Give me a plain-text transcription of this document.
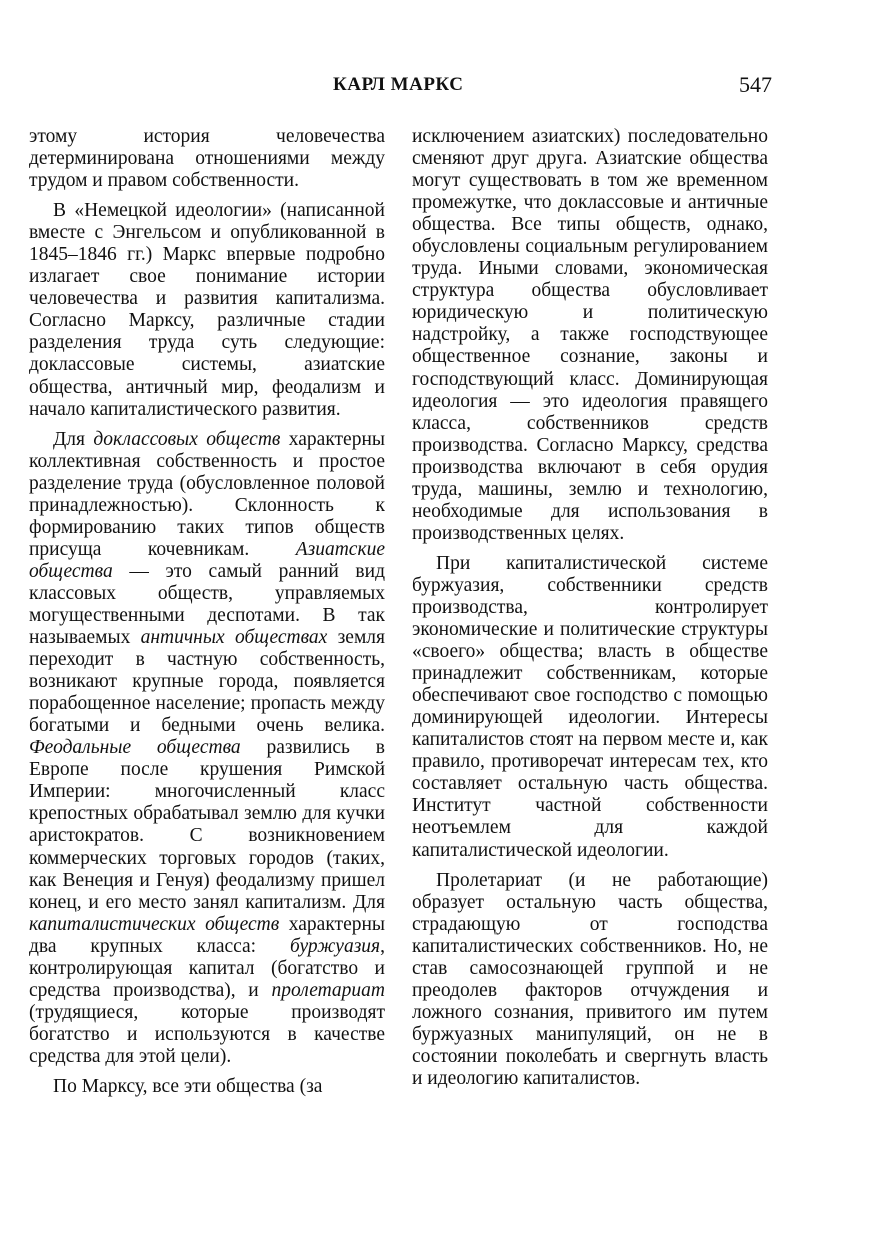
КАРЛ МАРКС	547

этому история человечества детерминирована отношениями между трудом и правом собственности.

В «Немецкой идеологии» (написанной вместе с Энгельсом и опубликованной в 1845–1846 гг.) Маркс впервые подробно излагает свое понимание истории человечества и развития капитализма. Согласно Марксу, различные стадии разделения труда суть следующие: доклассовые системы, азиатские общества, античный мир, феодализм и начало капиталистического развития.

Для доклассовых обществ характерны коллективная собственность и простое разделение труда (обусловленное половой принадлежностью). Склонность к формированию таких типов обществ присуща кочевникам. Азиатские общества — это самый ранний вид классовых обществ, управляемых могущественными деспотами. В так называемых античных обществах земля переходит в частную собственность, возникают крупные города, появляется порабощенное население; пропасть между богатыми и бедными очень велика. Феодальные общества развились в Европе после крушения Римской Империи: многочисленный класс крепостных обрабатывал землю для кучки аристократов. С возникновением коммерческих торговых городов (таких, как Венеция и Генуя) феодализму пришел конец, и его место занял капитализм. Для капиталистических обществ характерны два крупных класса: буржуазия, контролирующая капитал (богатство и средства производства), и пролетариат (трудящиеся, которые производят богатство и используются в качестве средства для этой цели).

По Марксу, все эти общества (за

исключением азиатских) последовательно сменяют друг друга. Азиатские общества могут существовать в том же временном промежутке, что доклассовые и античные общества. Все типы обществ, однако, обусловлены социальным регулированием труда. Иными словами, экономическая структура общества обусловливает юридическую и политическую надстройку, а также господствующее общественное сознание, законы и господствующий класс. Доминирующая идеология — это идеология правящего класса, собственников средств производства. Согласно Марксу, средства производства включают в себя орудия труда, машины, землю и технологию, необходимые для использования в производственных целях.

При капиталистической системе буржуазия, собственники средств производства, контролирует экономические и политические структуры «своего» общества; власть в обществе принадлежит собственникам, которые обеспечивают свое господство с помощью доминирующей идеологии. Интересы капиталистов стоят на первом месте и, как правило, противоречат интересам тех, кто составляет остальную часть общества. Институт частной собственности неотъемлем для каждой капиталистической идеологии.

Пролетариат (и не работающие) образует остальную часть общества, страдающую от господства капиталистических собственников. Но, не став самосознающей группой и не преодолев факторов отчуждения и ложного сознания, привитого им путем буржуазных манипуляций, он не в состоянии поколебать и свергнуть власть и идеологию капиталистов.
